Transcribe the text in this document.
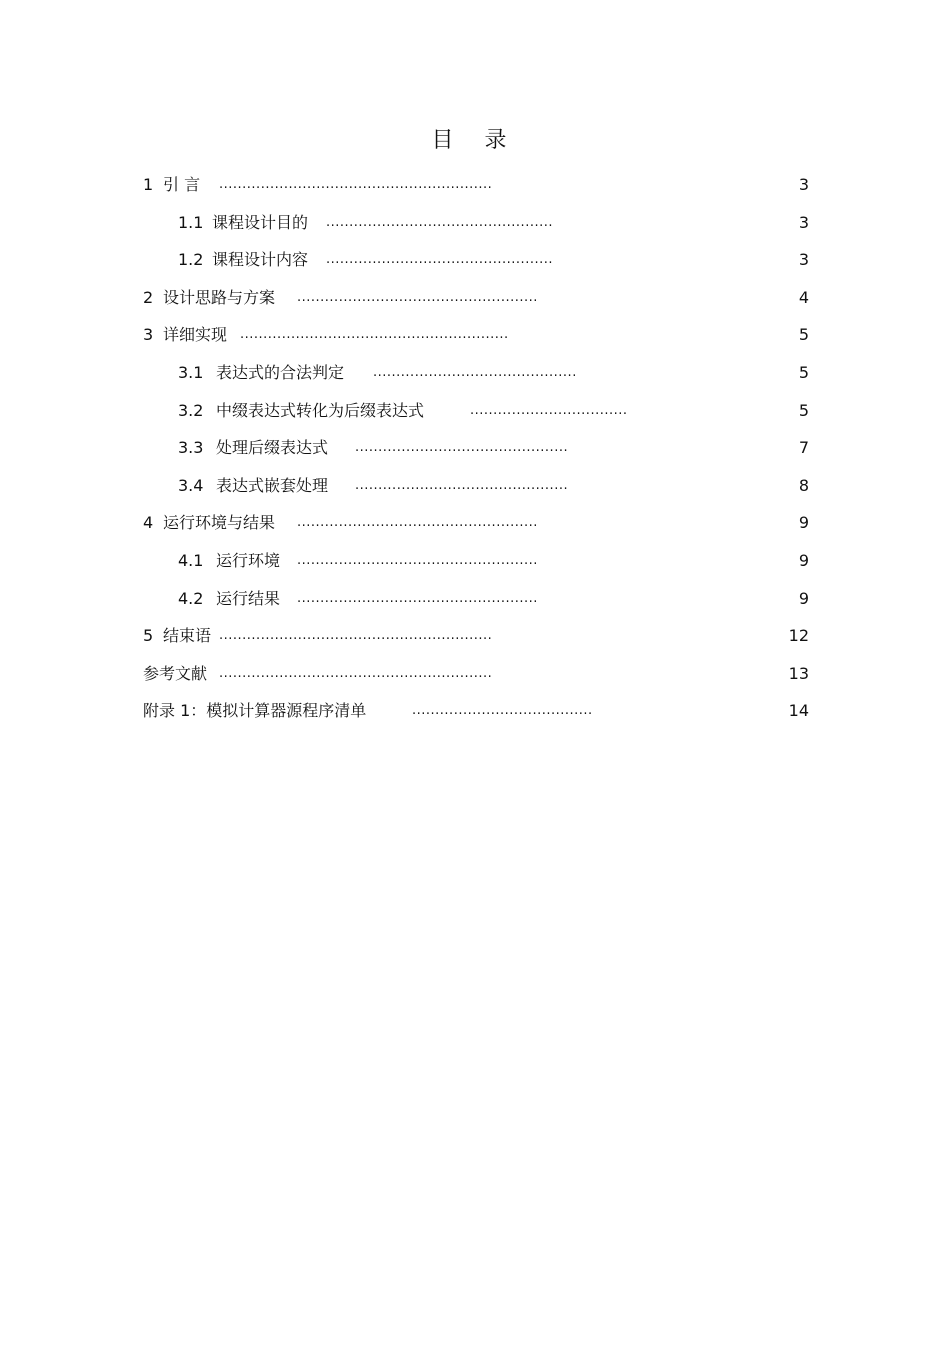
目 录
1 引 言 ...........................................................	3
1.1 课程设计目的 .................................................	3
1.2 课程设计内容 .................................................	3
2 设计思路与方案 ....................................................	4
3 详细实现 ..........................................................	5
3.1 表达式的合法判定 ............................................	5
3.2 中缀表达式转化为后缀表达式	..................................	5
3.3 处理后缀表达式 ..............................................	7
3.4 表达式嵌套处理 ..............................................	8
4 运行环境与结果 ....................................................	9
4.1 运行环境 ....................................................	9
4.2 运行结果 ....................................................	9
5 结束语 ...........................................................	12
参考文献 ...........................................................	13
附录 1：模拟计算器源程序清单	.......................................	14
